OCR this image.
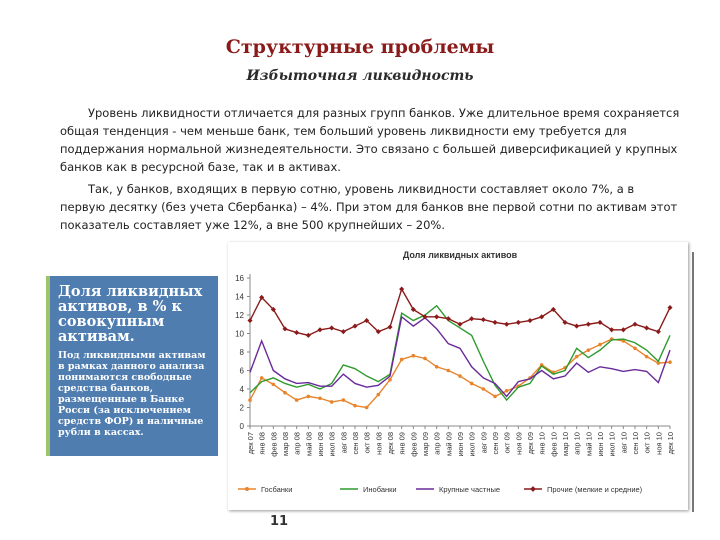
Структурные проблемы
Избыточная ликвидность

Уровень ликвидности отличается для разных групп банков. Уже длительное время сохраняется общая тенденция - чем меньше банк, тем больший уровень ликвидности ему требуется для поддержания нормальной жизнедеятельности. Это связано с большей диверсификацией у крупных банков как в ресурсной базе, так и в активах.

Так, у банков, входящих в первую сотню, уровень ликвидности составляет около 7%, а в первую десятку (без учета Сбербанка) – 4%. При этом для банков вне первой сотни по активам этот показатель составляет уже 12%, а вне 500 крупнейших – 20%.

Доля ликвидных активов, в % к совокупным активам.
Под ликвидными активам в рамках данного анализа понимаются свободные средства банков, размещенные в Банке Росси (за исключением средств ФОР) и наличные рубли в кассах.
Доля ликвидных активов
0
2
4
6
8
10
12
14
16
дек 07 янв 08 фев 08 мар 08 апр 08 май 08 июн 08 июл 08 авг 08 сен 08 окт 08 ноя 08 дек 08 янв 09 фев 09 мар 09 апр 09 май 09 июн 09 июл 09 авг 09 сен 09 окт 09 ноя 09 дек 09 янв 10 фев 10 мар 10 апр 10 май 10 июн 10 июл 10 авг 10 сен 10 окт 10 ноя 10 дек 10
Госбанки	Инобанки	Крупные частные	Прочие (мелкие и средние)
11
